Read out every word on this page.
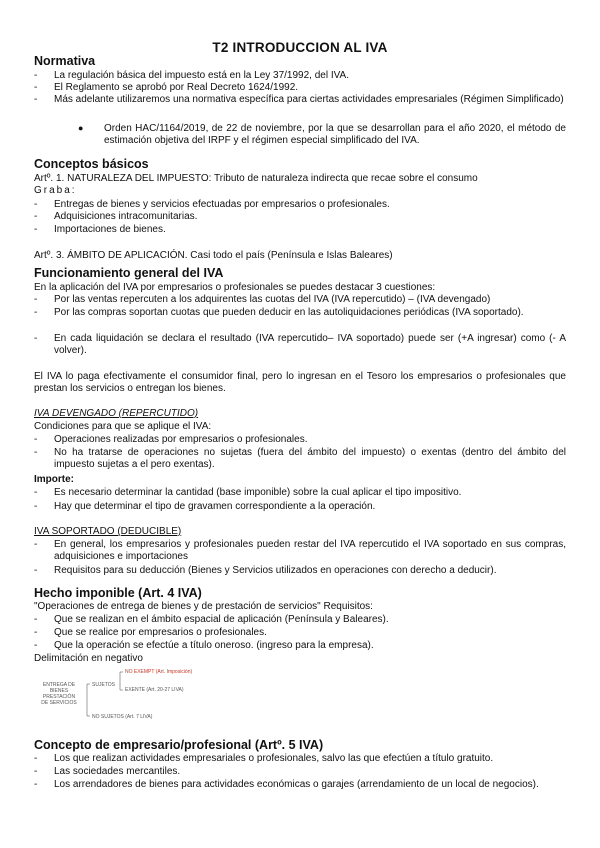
T2 INTRODUCCION AL IVA
Normativa
- La regulación básica del impuesto está en la Ley 37/1992, del IVA.
- El Reglamento se aprobó por Real Decreto 1624/1992.
- Más adelante utilizaremos una normativa específica para ciertas actividades empresariales (Régimen Simplificado)
● Orden HAC/1164/2019, de 22 de noviembre, por la que se desarrollan para el año 2020, el método de estimación objetiva del IRPF y el régimen especial simplificado del IVA.
Conceptos básicos
Artº. 1. NATURALEZA DEL IMPUESTO: Tributo de naturaleza indirecta que recae sobre el consumo
Graba:
- Entregas de bienes y servicios efectuadas por empresarios o profesionales.
- Adquisiciones intracomunitarias.
- Importaciones de bienes.
Artº. 3. ÁMBITO DE APLICACIÓN. Casi todo el país (Península e Islas Baleares)
Funcionamiento general del IVA
En la aplicación del IVA por empresarios o profesionales se puedes destacar 3 cuestiones:
- Por las ventas repercuten a los adquirentes las cuotas del IVA (IVA repercutido) – (IVA devengado)
- Por las compras soportan cuotas que pueden deducir en las autoliquidaciones periódicas (IVA soportado).
- En cada liquidación se declara el resultado (IVA repercutido– IVA soportado) puede ser (+A ingresar) como (- A volver).
El IVA lo paga efectivamente el consumidor final, pero lo ingresan en el Tesoro los empresarios o profesionales que prestan los servicios o entregan los bienes.
IVA DEVENGADO (REPERCUTIDO)
Condiciones para que se aplique el IVA:
- Operaciones realizadas por empresarios o profesionales.
- No ha tratarse de operaciones no sujetas (fuera del ámbito del impuesto) o exentas (dentro del ámbito del impuesto sujetas a el pero exentas).
Importe:
- Es necesario determinar la cantidad (base imponible) sobre la cual aplicar el tipo impositivo.
- Hay que determinar el tipo de gravamen correspondiente a la operación.
IVA SOPORTADO (DEDUCIBLE)
- En general, los empresarios y profesionales pueden restar del IVA repercutido el IVA soportado en sus compras, adquisiciones e importaciones
- Requisitos para su deducción (Bienes y Servicios utilizados en operaciones con derecho a deducir).
Hecho imponible (Art. 4 IVA)
"Operaciones de entrega de bienes y de prestación de servicios" Requisitos:
- Que se realizan en el ámbito espacial de aplicación (Península y Baleares).
- Que se realice por empresarios o profesionales.
- Que la operación se efectúe a título oneroso. (ingreso para la empresa).
Delimitación en negativo
ENTREGA DE
BIENES
PRESTACIÓN
DE SERVICIOS
SUJETOS
NO EXEMPT (Art. Imposición)
EXENTE (Art. 20-27 LIVA)
NO SUJETOS (Art. 7 LIVA)
Concepto de empresario/profesional (Artº. 5 IVA)
- Los que realizan actividades empresariales o profesionales, salvo las que efectúen a título gratuito.
- Las sociedades mercantiles.
- Los arrendadores de bienes para actividades económicas o garajes (arrendamiento de un local de negocios).
